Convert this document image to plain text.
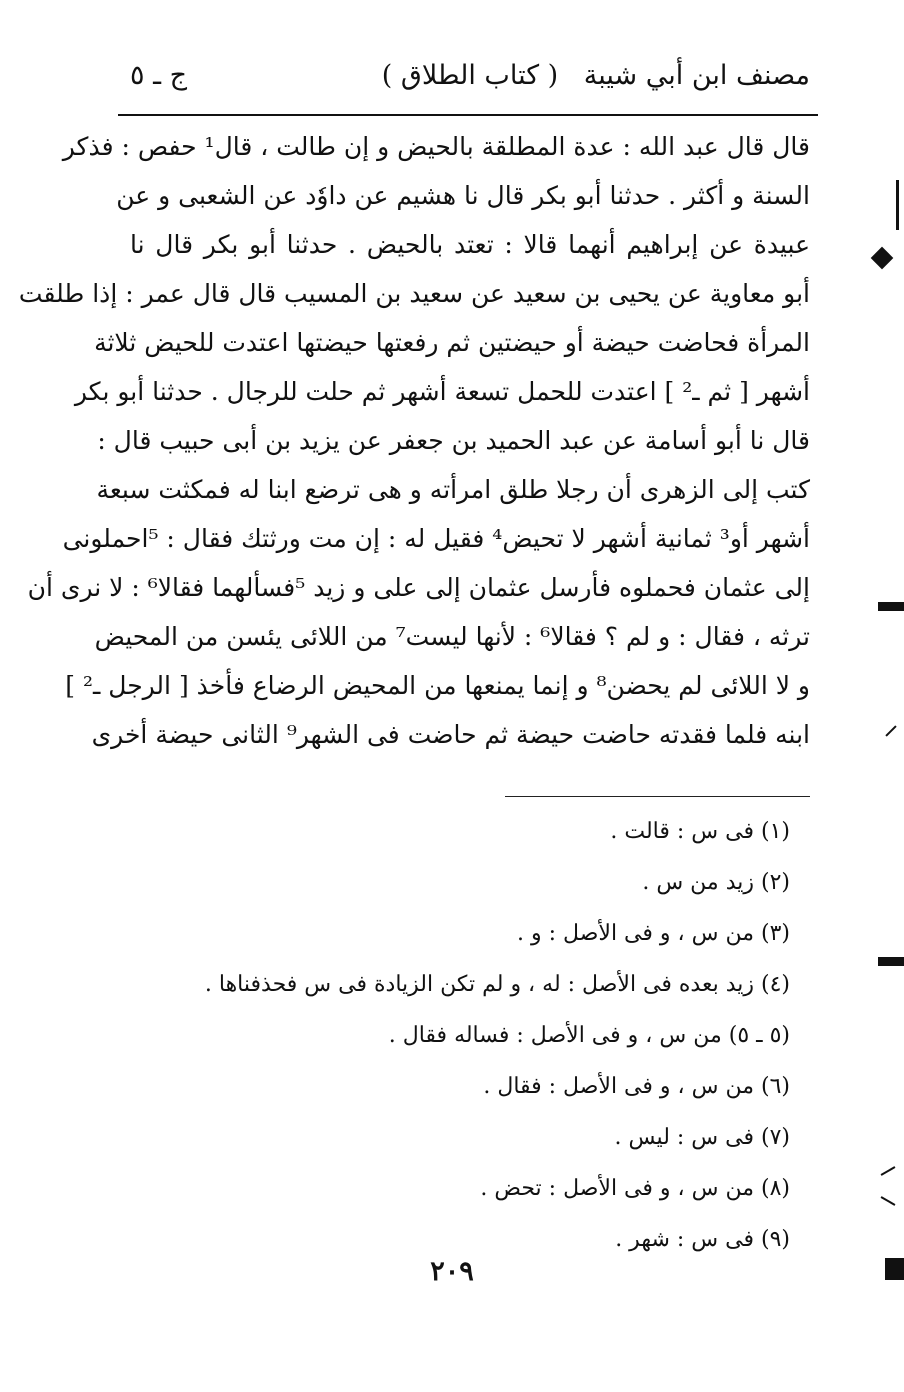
مصنف ابن أبي شيبة
( كتاب الطلاق )
ج ـ ٥
قال قال عبد الله : عدة المطلقة بالحيض و إن طالت ، قال¹ حفص : فذكر
السنة و أكثر . حدثنا أبو بكر قال نا هشيم عن داوٗد عن الشعبى و عن
عبيدة عن إبراهيم أنهما قالا : تعتد بالحيض . حدثنا أبو بكر قال نا
أبو معاوية عن يحيى بن سعيد عن سعيد بن المسيب قال قال عمر : إذا طلقت
المرأة فحاضت حيضة أو حيضتين ثم رفعتها حيضتها اعتدت للحيض ثلاثة
أشهر [ ثم ـ² ] اعتدت للحمل تسعة أشهر ثم حلت للرجال . حدثنا أبو بكر
قال نا أبو أسامة عن عبد الحميد بن جعفر عن يزيد بن أبى حبيب قال :
كتب إلى الزهرى أن رجلا طلق امرأته و هى ترضع ابنا له فمكثت سبعة
أشهر أو³ ثمانية أشهر لا تحيض⁴ فقيل له : إن مت ورثتك فقال : ⁵احملونى
إلى عثمان فحملوه فأرسل عثمان إلى على و زيد ⁵فسألهما فقالا⁶ : لا نرى أن
ترثه ، فقال : و لم ؟ فقالا⁶ : لأنها ليست⁷ من اللائى يئسن من المحيض
و لا اللائى لم يحضن⁸ و إنما يمنعها من المحيض الرضاع فأخذ [ الرجل ـ² ]
ابنه فلما فقدته حاضت حيضة ثم حاضت فى الشهر⁹ الثانى حيضة أخرى
(١) فى س : قالت .
(٢) زيد من س .
(٣) من س ، و فى الأصل : و .
(٤) زيد بعده فى الأصل : له ، و لم تكن الزيادة فى س فحذفناها .
(٥ ـ ٥) من س ، و فى الأصل : فساله فقال .
(٦) من س ، و فى الأصل : فقال .
(٧) فى س : ليس .
(٨) من س ، و فى الأصل : تحض .
(٩) فى س : شهر .
٢٠٩
